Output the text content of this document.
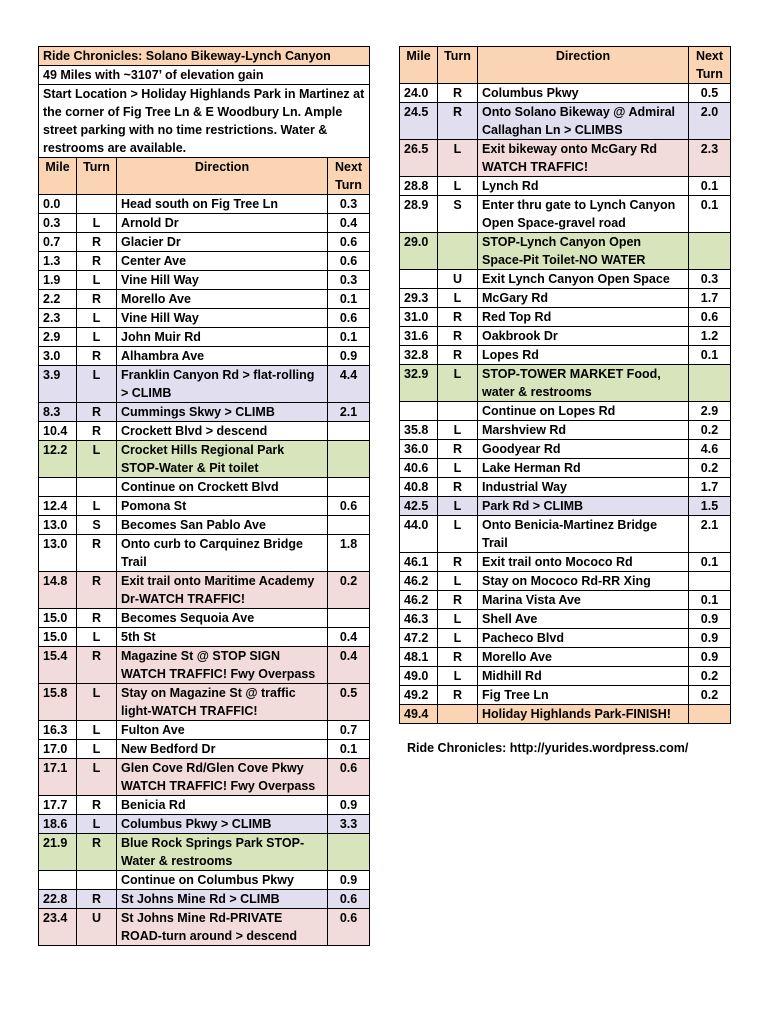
Ride Chronicles: Solano Bikeway-Lynch Canyon			
49 Miles with ~3107’ of elevation gain			
Start Location > Holiday Highlands Park in Martinez at the corner of Fig Tree Ln & E Woodbury Ln. Ample street parking with no time restrictions. Water & restrooms are available.			
Mile	Turn	Direction	Next Turn
0.0		Head south on Fig Tree Ln	0.3
0.3	L	Arnold Dr	0.4
0.7	R	Glacier Dr	0.6
1.3	R	Center Ave	0.6
1.9	L	Vine Hill Way	0.3
2.2	R	Morello Ave	0.1
2.3	L	Vine Hill Way	0.6
2.9	L	John Muir Rd	0.1
3.0	R	Alhambra Ave	0.9
3.9	L	Franklin Canyon Rd > flat-rolling > CLIMB	4.4
8.3	R	Cummings Skwy > CLIMB	2.1
10.4	R	Crockett Blvd > descend	
12.2	L	Crocket Hills Regional Park STOP-Water & Pit toilet	
		Continue on Crockett Blvd	
12.4	L	Pomona St	0.6
13.0	S	Becomes San Pablo Ave	
13.0	R	Onto curb to Carquinez Bridge Trail	1.8
14.8	R	Exit trail onto Maritime Academy Dr-WATCH TRAFFIC!	0.2
15.0	R	Becomes Sequoia Ave	
15.0	L	5th St	0.4
15.4	R	Magazine St @ STOP SIGN WATCH TRAFFIC! Fwy Overpass	0.4
15.8	L	Stay on Magazine St @ traffic light-WATCH TRAFFIC!	0.5
16.3	L	Fulton Ave	0.7
17.0	L	New Bedford Dr	0.1
17.1	L	Glen Cove Rd/Glen Cove Pkwy WATCH TRAFFIC! Fwy Overpass	0.6
17.7	R	Benicia Rd	0.9
18.6	L	Columbus Pkwy > CLIMB	3.3
21.9	R	Blue Rock Springs Park STOP-Water & restrooms	
		Continue on Columbus Pkwy	0.9
22.8	R	St Johns Mine Rd > CLIMB	0.6
23.4	U	St Johns Mine Rd-PRIVATE ROAD-turn around > descend	0.6
Mile	Turn	Direction	Next Turn
24.0	R	Columbus Pkwy	0.5
24.5	R	Onto Solano Bikeway @ Admiral Callaghan Ln > CLIMBS	2.0
26.5	L	Exit bikeway onto McGary Rd WATCH TRAFFIC!	2.3
28.8	L	Lynch Rd	0.1
28.9	S	Enter thru gate to Lynch Canyon Open Space-gravel road	0.1
29.0		STOP-Lynch Canyon Open Space-Pit Toilet-NO WATER	
	U	Exit Lynch Canyon Open Space	0.3
29.3	L	McGary Rd	1.7
31.0	R	Red Top Rd	0.6
31.6	R	Oakbrook Dr	1.2
32.8	R	Lopes Rd	0.1
32.9	L	STOP-TOWER MARKET Food, water & restrooms	
		Continue on Lopes Rd	2.9
35.8	L	Marshview Rd	0.2
36.0	R	Goodyear Rd	4.6
40.6	L	Lake Herman Rd	0.2
40.8	R	Industrial Way	1.7
42.5	L	Park Rd > CLIMB	1.5
44.0	L	Onto Benicia-Martinez Bridge Trail	2.1
46.1	R	Exit trail onto Mococo Rd	0.1
46.2	L	Stay on Mococo Rd-RR Xing	
46.2	R	Marina Vista Ave	0.1
46.3	L	Shell Ave	0.9
47.2	L	Pacheco Blvd	0.9
48.1	R	Morello Ave	0.9
49.0	L	Midhill Rd	0.2
49.2	R	Fig Tree Ln	0.2
49.4		Holiday Highlands Park-FINISH!	
Ride Chronicles: http://yurides.wordpress.com/
